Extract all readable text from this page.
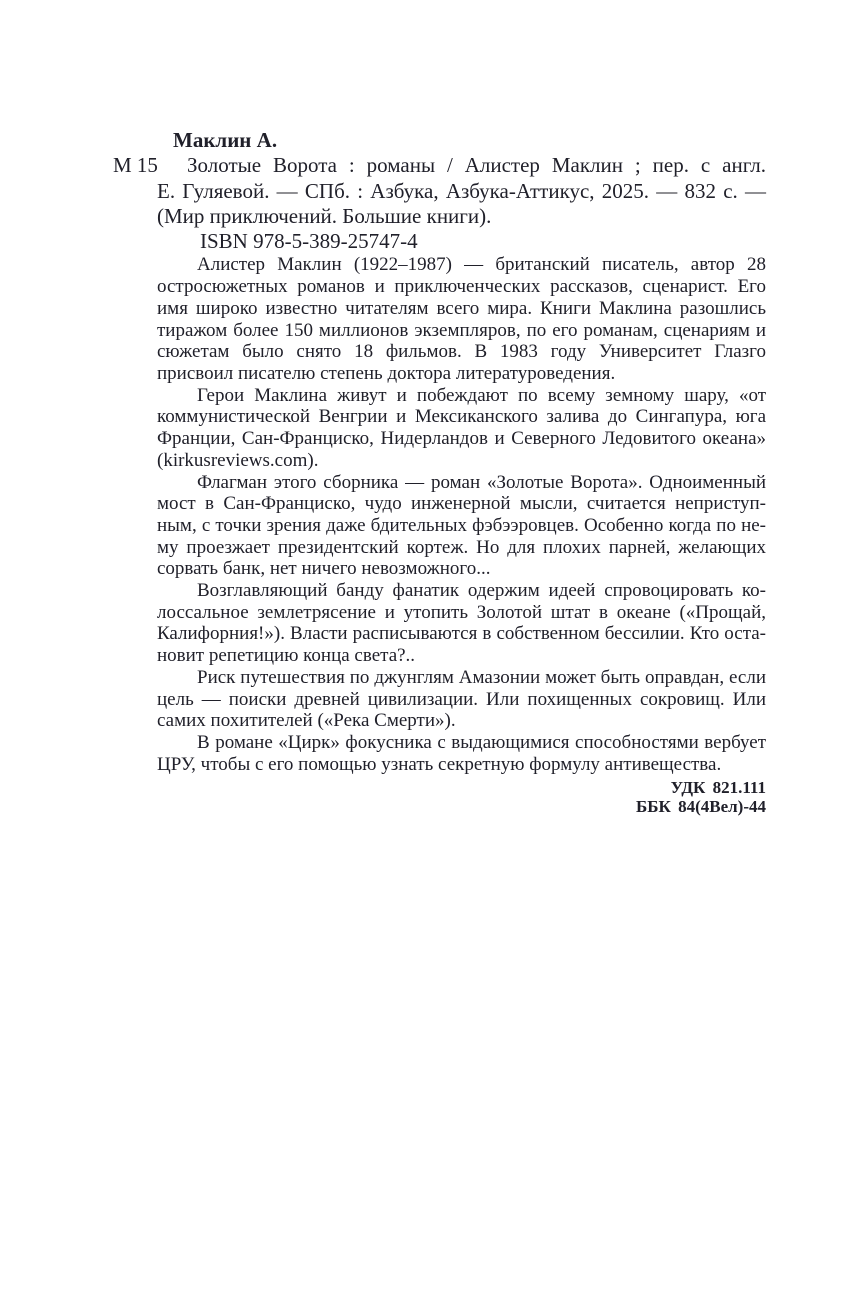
Маклин А.

М 15 Золотые Ворота : романы / Алистер Маклин ; пер. с англ. Е. Гуляевой. — СПб. : Азбука, Азбука-Аттикус, 2025. — 832 с. — (Мир приключений. Большие книги).

ISBN 978-5-389-25747-4

Алистер Маклин (1922–1987) — британский писатель, автор 28 остросюжетных романов и приключенческих рассказов, сценарист. Его имя широко известно читателям всего мира. Книги Маклина разошлись тиражом более 150 миллионов экземпляров, по его романам, сценариям и сюжетам было снято 18 фильмов. В 1983 году Университет Глазго присвоил писателю степень доктора литературоведения.

Герои Маклина живут и побеждают по всему земному шару, «от коммунистической Венгрии и Мексиканского залива до Сингапура, юга Франции, Сан-Франциско, Нидерландов и Северного Ледовитого океана» (kirkusreviews.com).

Флагман этого сборника — роман «Золотые Ворота». Одноименный мост в Сан-Франциско, чудо инженерной мысли, считается неприступным, с точки зрения даже бдительных фэбээровцев. Особенно когда по нему проезжает президентский кортеж. Но для плохих парней, желающих сорвать банк, нет ничего невозможного...

Возглавляющий банду фанатик одержим идеей спровоцировать колоссальное землетрясение и утопить Золотой штат в океане («Прощай, Калифорния!»). Власти расписываются в собственном бессилии. Кто остановит репетицию конца света?..

Риск путешествия по джунглям Амазонии может быть оправдан, если цель — поиски древней цивилизации. Или похищенных сокровищ. Или самих похитителей («Река Смерти»).

В романе «Цирк» фокусника с выдающимися способностями вербует ЦРУ, чтобы с его помощью узнать секретную формулу антивещества.

УДК 821.111

ББК 84(4Вел)-44
